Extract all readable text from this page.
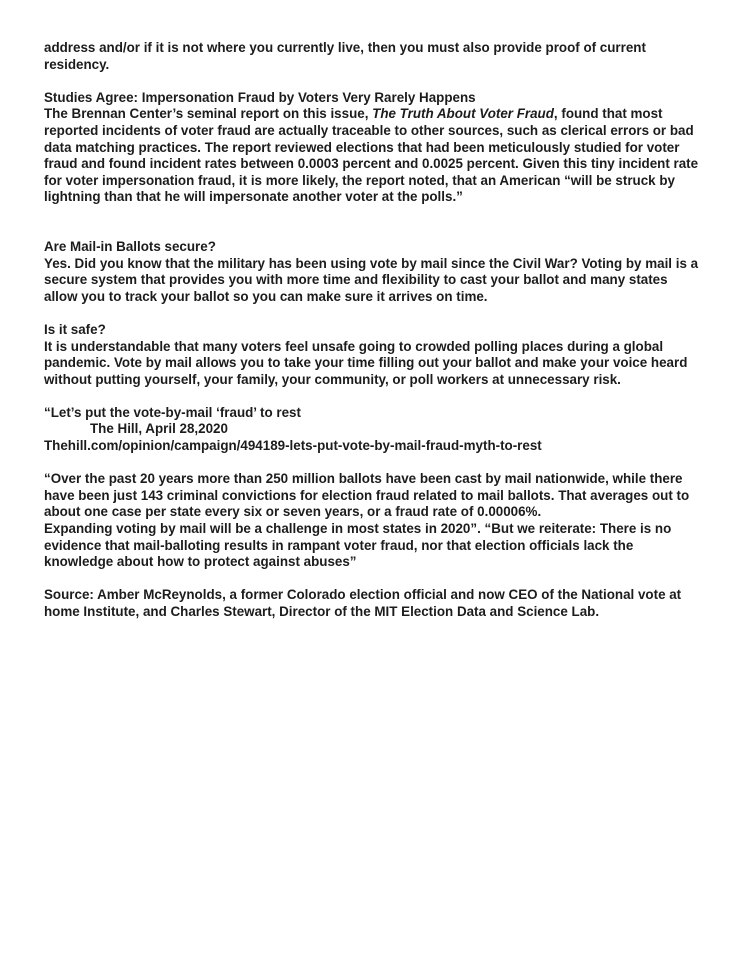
address and/or if it is not where you currently live, then you must also provide proof of current residency.

Studies Agree: Impersonation Fraud by Voters Very Rarely Happens

The Brennan Center’s seminal report on this issue, The Truth About Voter Fraud, found that most reported incidents of voter fraud are actually traceable to other sources, such as clerical errors or bad data matching practices. The report reviewed elections that had been meticulously studied for voter fraud and found incident rates between 0.0003 percent and 0.0025 percent. Given this tiny incident rate for voter impersonation fraud, it is more likely, the report noted, that an American “will be struck by lightning than that he will impersonate another voter at the polls.”

Are Mail-in Ballots secure?

Yes. Did you know that the military has been using vote by mail since the Civil War? Voting by mail is a secure system that provides you with more time and flexibility to cast your ballot and many states allow you to track your ballot so you can make sure it arrives on time.

Is it safe?

It is understandable that many voters feel unsafe going to crowded polling places during a global pandemic. Vote by mail allows you to take your time filling out your ballot and make your voice heard without putting yourself, your family, your community, or poll workers at unnecessary risk.

“Let’s put the vote-by-mail ‘fraud’ to rest

The Hill, April 28,2020

Thehill.com/opinion/campaign/494189-lets-put-vote-by-mail-fraud-myth-to-rest

“Over the past 20 years more than 250 million ballots have been cast by mail nationwide, while there have been just 143 criminal convictions for election fraud related to mail ballots. That averages out to about one case per state every six or seven years, or a fraud rate of 0.00006%.

Expanding voting by mail will be a challenge in most states in 2020”. “But we reiterate: There is no evidence that mail-balloting results in rampant voter fraud, nor that election officials lack the knowledge about how to protect against abuses”

Source: Amber McReynolds, a former Colorado election official and now CEO of the National vote at home Institute, and Charles Stewart, Director of the MIT Election Data and Science Lab.
